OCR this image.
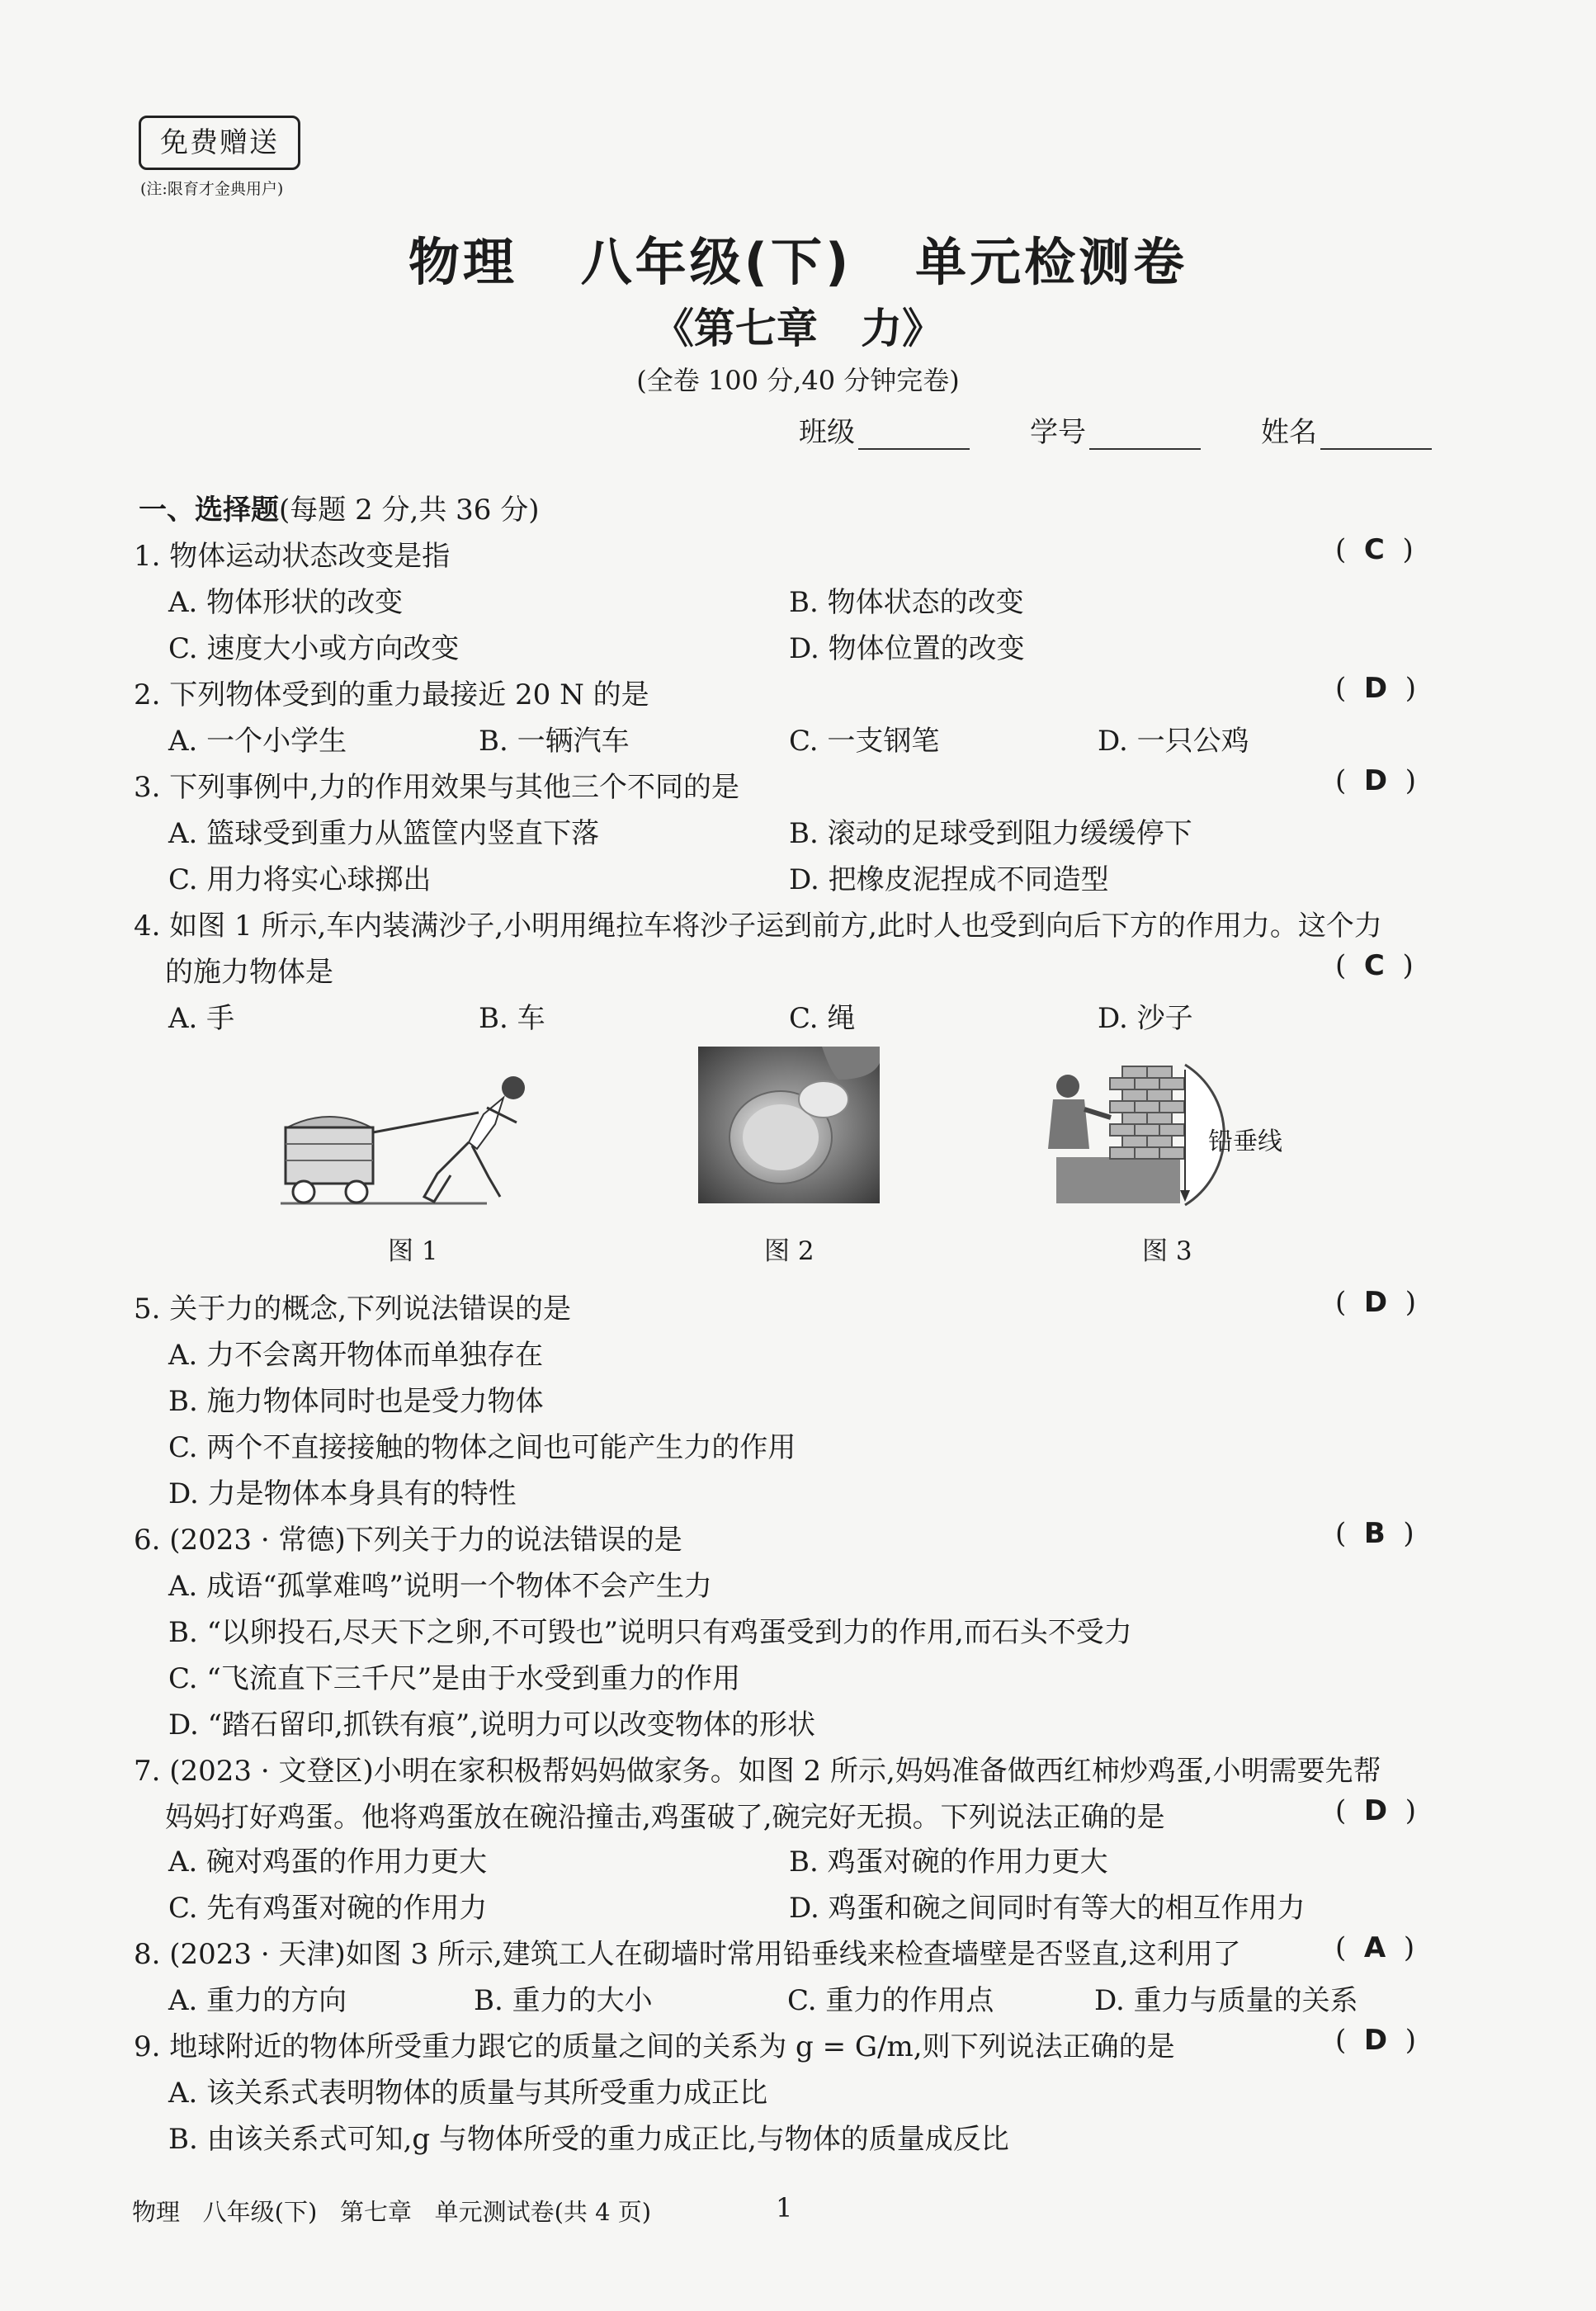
免费赠送
(注:限育才金典用户)
物理   八年级(下)   单元检测卷
《第七章   力》
(全卷 100 分,40 分钟完卷)
班级	学号	姓名
一、选择题(每题 2 分,共 36 分)
1. 物体运动状态改变是指	(  C  )
A. 物体形状的改变	B. 物体状态的改变
C. 速度大小或方向改变	D. 物体位置的改变
2. 下列物体受到的重力最接近 20 N 的是	(  D  )
A. 一个小学生	B. 一辆汽车	C. 一支钢笔	D. 一只公鸡
3. 下列事例中,力的作用效果与其他三个不同的是	(  D  )
A. 篮球受到重力从篮筐内竖直下落	B. 滚动的足球受到阻力缓缓停下
C. 用力将实心球掷出	D. 把橡皮泥捏成不同造型
4. 如图 1 所示,车内装满沙子,小明用绳拉车将沙子运到前方,此时人也受到向后下方的作用力。这个力
的施力物体是	(  C  )
A. 手	B. 车	C. 绳	D. 沙子
图 1	图 2
铅垂线
图 3
5. 关于力的概念,下列说法错误的是	(  D  )
A. 力不会离开物体而单独存在
B. 施力物体同时也是受力物体
C. 两个不直接接触的物体之间也可能产生力的作用
D. 力是物体本身具有的特性
6. (2023 · 常德)下列关于力的说法错误的是	(  B  )
A. 成语“孤掌难鸣”说明一个物体不会产生力
B. “以卵投石,尽天下之卵,不可毁也”说明只有鸡蛋受到力的作用,而石头不受力
C. “飞流直下三千尺”是由于水受到重力的作用
D. “踏石留印,抓铁有痕”,说明力可以改变物体的形状
7. (2023 · 文登区)小明在家积极帮妈妈做家务。如图 2 所示,妈妈准备做西红柿炒鸡蛋,小明需要先帮
妈妈打好鸡蛋。他将鸡蛋放在碗沿撞击,鸡蛋破了,碗完好无损。下列说法正确的是	(  D  )
A. 碗对鸡蛋的作用力更大	B. 鸡蛋对碗的作用力更大
C. 先有鸡蛋对碗的作用力	D. 鸡蛋和碗之间同时有等大的相互作用力
8. (2023 · 天津)如图 3 所示,建筑工人在砌墙时常用铅垂线来检查墙壁是否竖直,这利用了	(  A  )
A. 重力的方向	B. 重力的大小	C. 重力的作用点	D. 重力与质量的关系
9. 地球附近的物体所受重力跟它的质量之间的关系为 g = G/m,则下列说法正确的是	(  D  )
A. 该关系式表明物体的质量与其所受重力成正比
B. 由该关系式可知,g 与物体所受的重力成正比,与物体的质量成反比
物理   八年级(下)   第七章   单元测试卷(共 4 页)	1
